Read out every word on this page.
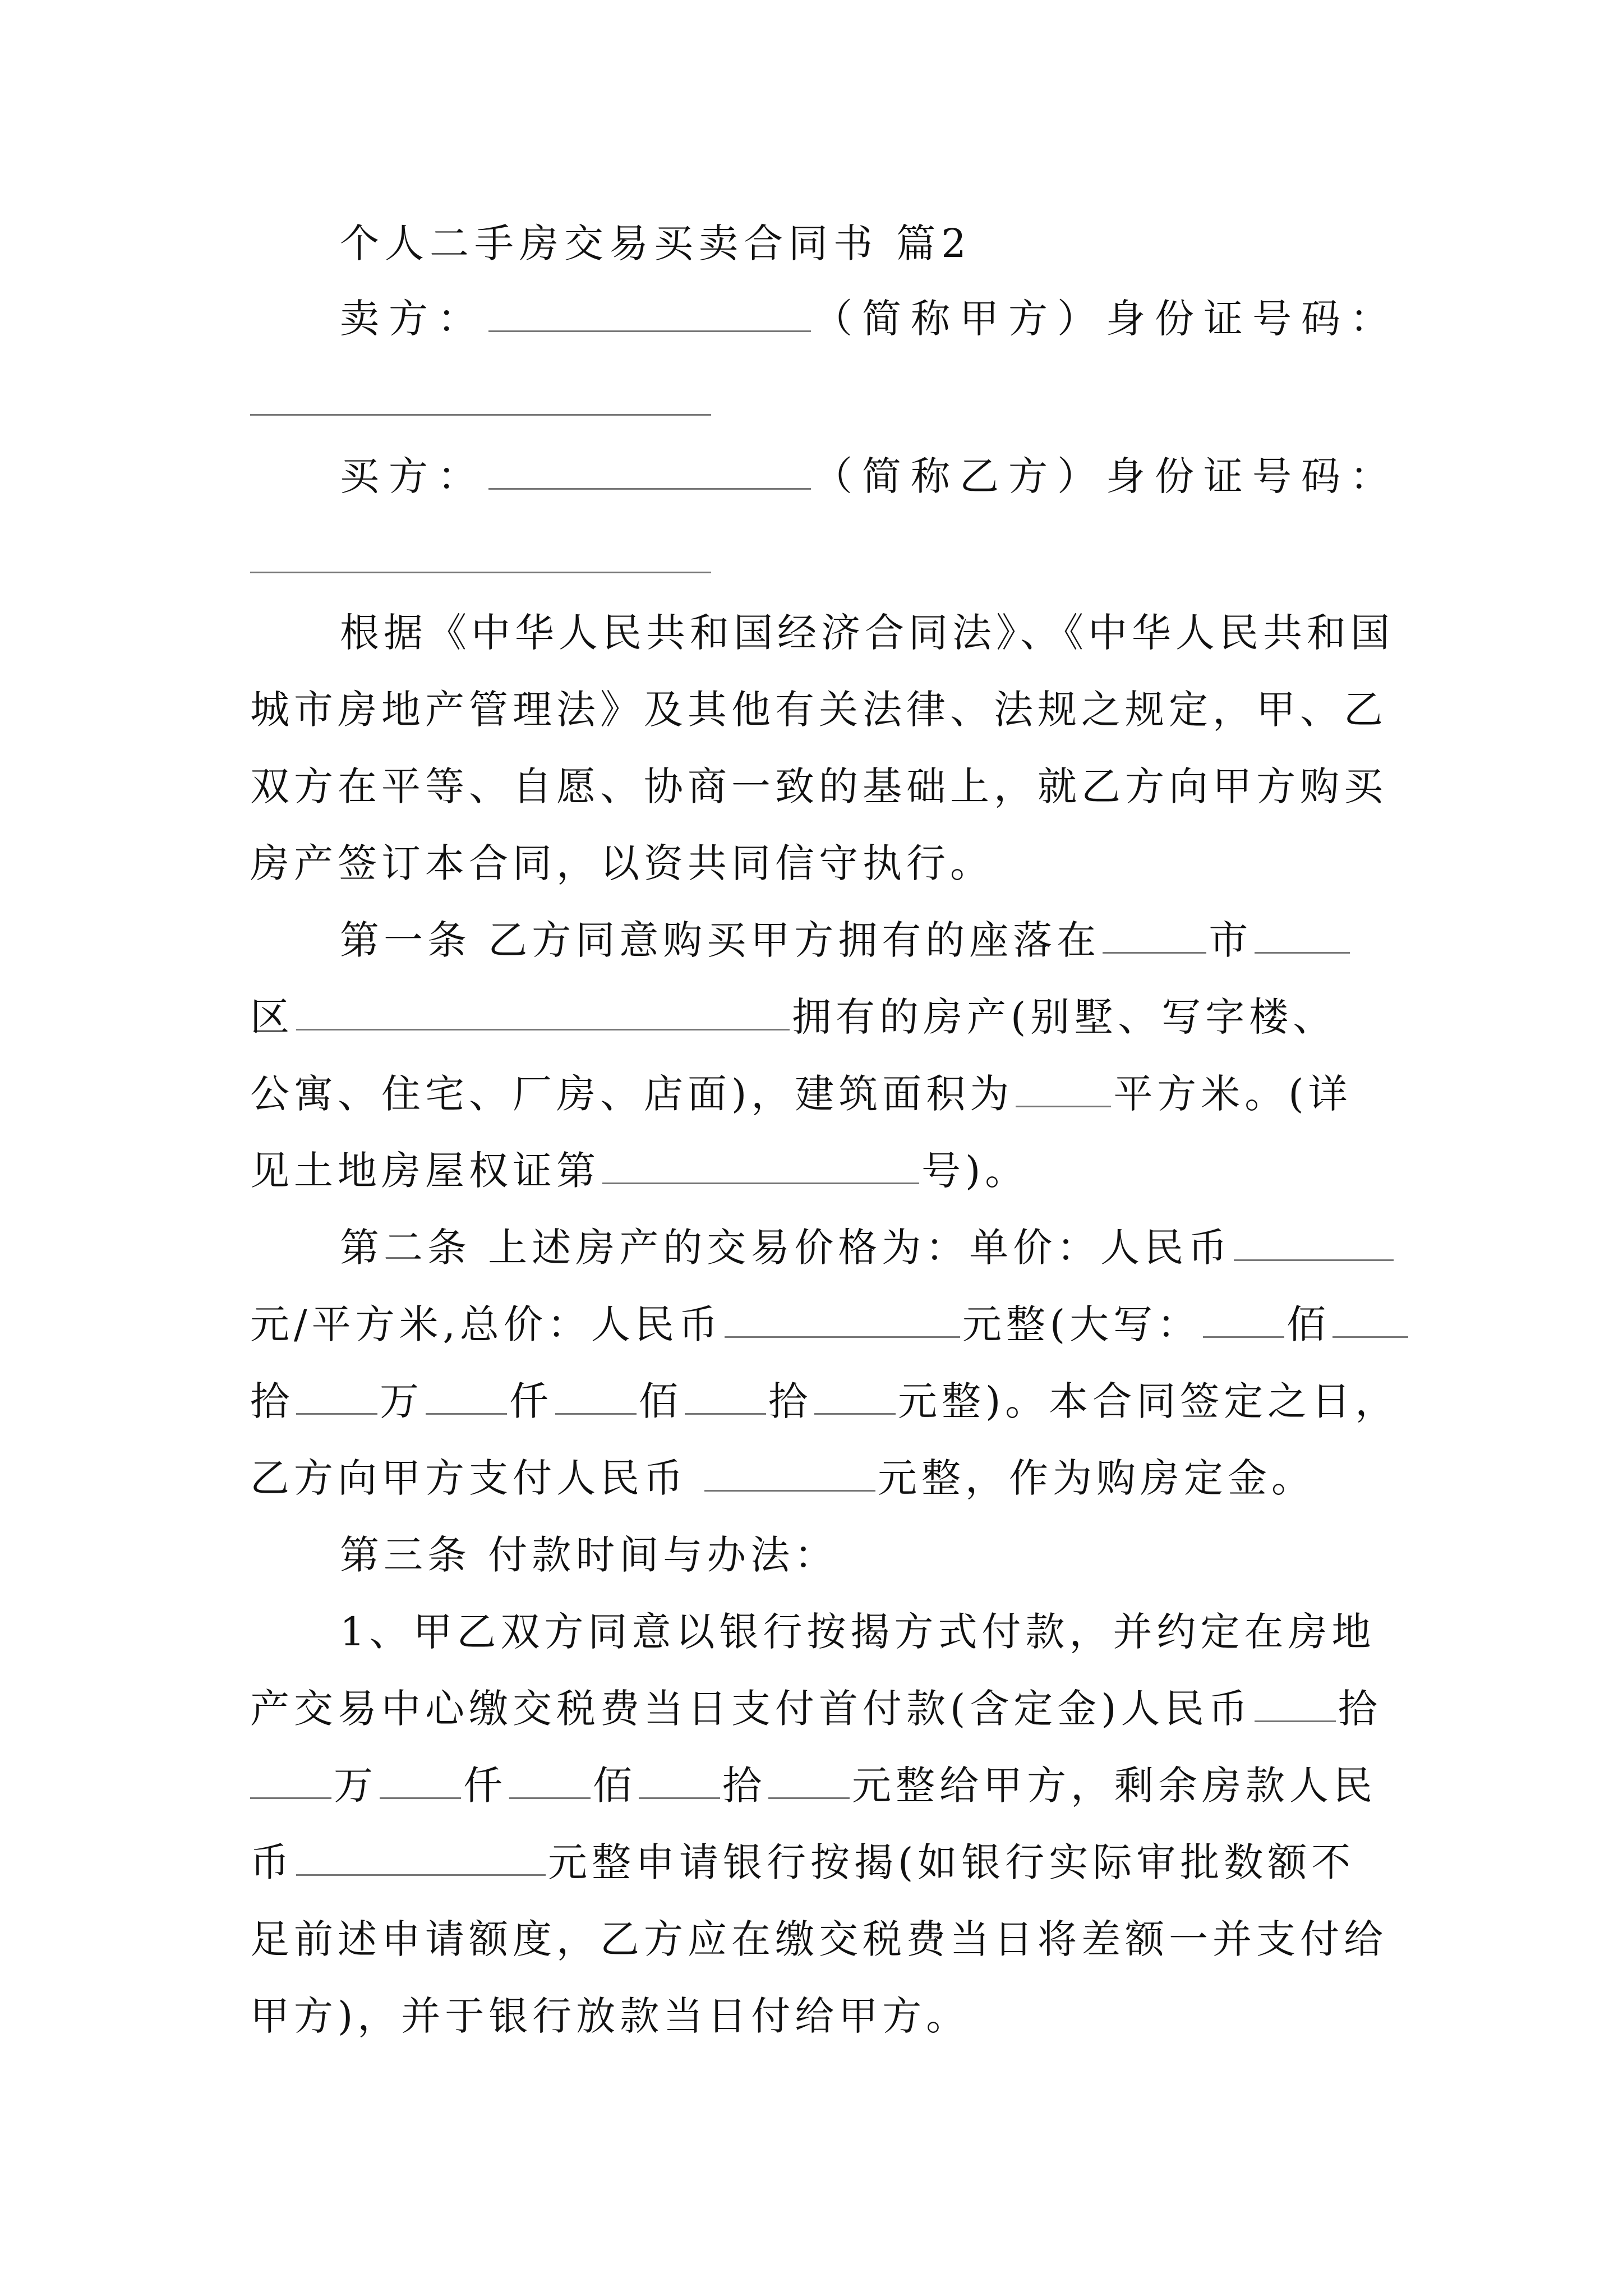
个人二手房交易买卖合同书 篇2
卖方：	（简称甲方）身份证号码：
买方：	（简称乙方）身份证号码：
根据《中华人民共和国经济合同法》、《中华人民共和国
城市房地产管理法》及其他有关法律、法规之规定，甲、乙
双方在平等、自愿、协商一致的基础上，就乙方向甲方购买
房产签订本合同，以资共同信守执行。
第一条 乙方同意购买甲方拥有的座落在	市
区	拥有的房产(别墅、写字楼、
公寓、住宅、厂房、店面)，建筑面积为	平方米。(详
见土地房屋权证第	号)。
第二条 上述房产的交易价格为：单价：人民币
元/平方米,总价：人民币	元整(大写： 佰
拾 万 仟 佰 拾 元整)。本合同签定之日，
乙方向甲方支付人民币	元整，作为购房定金。
第三条 付款时间与办法：
1、甲乙双方同意以银行按揭方式付款，并约定在房地
产交易中心缴交税费当日支付首付款(含定金)人民币 拾
万 仟 佰 拾 元整给甲方，剩余房款人民
币	元整申请银行按揭(如银行实际审批数额不
足前述申请额度，乙方应在缴交税费当日将差额一并支付给
甲方)，并于银行放款当日付给甲方。
